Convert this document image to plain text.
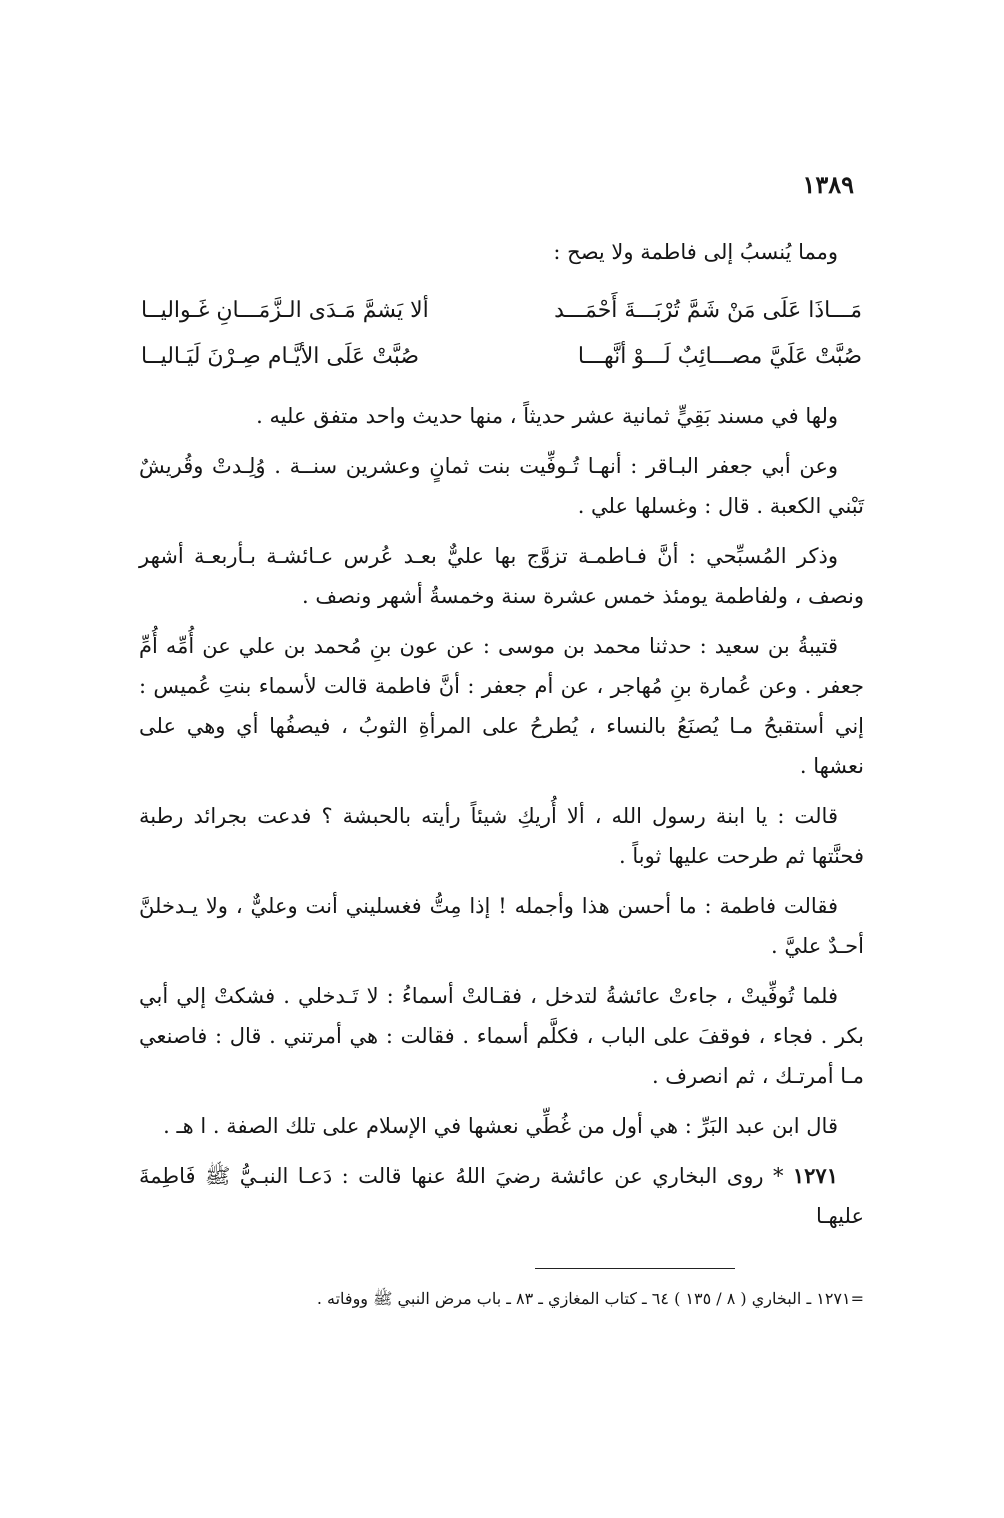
١٣٨٩

ومما يُنسبُ إلى فاطمة ولا يصح :

مَـــاذَا عَلَى مَنْ شَمَّ تُرْبَـــةَ أَحْمَـــد
ألا يَشمَّ مَـدَى الـزَّمَـــانِ غَـواليــا
صُبَّتْ عَلَيَّ مصـــائِبٌ لَـــوْ أنَّهـــا
صُبَّتْ عَلَى الأيَّـام صِـرْنَ لَيَـاليــا

ولها في مسند بَقِيٍّ ثمانية عشر حديثاً ، منها حديث واحد متفق عليه .

وعن أبي جعفر البـاقر : أنهـا تُـوفِّيت بنت ثمانٍ وعشرين سنــة . وُلِـدتْ وقُريشٌ تَبْني الكعبة . قال : وغسلها علي .

وذكر المُسبِّحي : أنَّ فـاطمـة تزوَّج بها عليٌّ بعـد عُرس عـائشـة بـأربعـة أشهر ونصف ، ولفاطمة يومئذ خمس عشرة سنة وخمسةُ أشهر ونصف .

قتيبةُ بن سعيد : حدثنا محمد بن موسى : عن عون بنِ مُحمد بن علي عن أُمِّه أُمِّ جعفر . وعن عُمارة بنِ مُهاجر ، عن أم جعفر : أنَّ فاطمة قالت لأسماء بنتِ عُميس : إني أستقبحُ مـا يُصنَعُ بالنساء ، يُطرحُ على المرأةِ الثوبُ ، فيصفُها أي وهي على نعشها .

قالت : يا ابنة رسول الله ، ألا أُريكِ شيئاً رأيته بالحبشة ؟ فدعت بجرائد رطبة فحنَّتها ثم طرحت عليها ثوباً .

فقالت فاطمة : ما أحسن هذا وأجمله ! إذا مِتُّ فغسليني أنت وعليٌّ ، ولا يـدخلنَّ أحـدٌ عليَّ .

فلما تُوفِّيتْ ، جاءتْ عائشةُ لتدخل ، فقـالتْ أسماءُ : لا تَـدخلي . فشكتْ إلي أبي بكر . فجاء ، فوقفَ على الباب ، فكلَّم أسماء . فقالت : هي أمرتني . قال : فاصنعي مـا أمرتـك ، ثم انصرف .

قال ابن عبد البَرِّ : هي أول من غُطِّي نعشها في الإسلام على تلك الصفة . ا هـ .

١٢٧١ * روى البخاري عن عائشة رضيَ اللهُ عنها قالت : دَعـا النبـيُّ ﷺ فَاطِمةَ عليهـا

=١٢٧١ ـ البخاري ( ٨ / ١٣٥ ) ٦٤ ـ كتاب المغازي ـ ٨٣ ـ باب مرض النبي ﷺ ووفاته .
